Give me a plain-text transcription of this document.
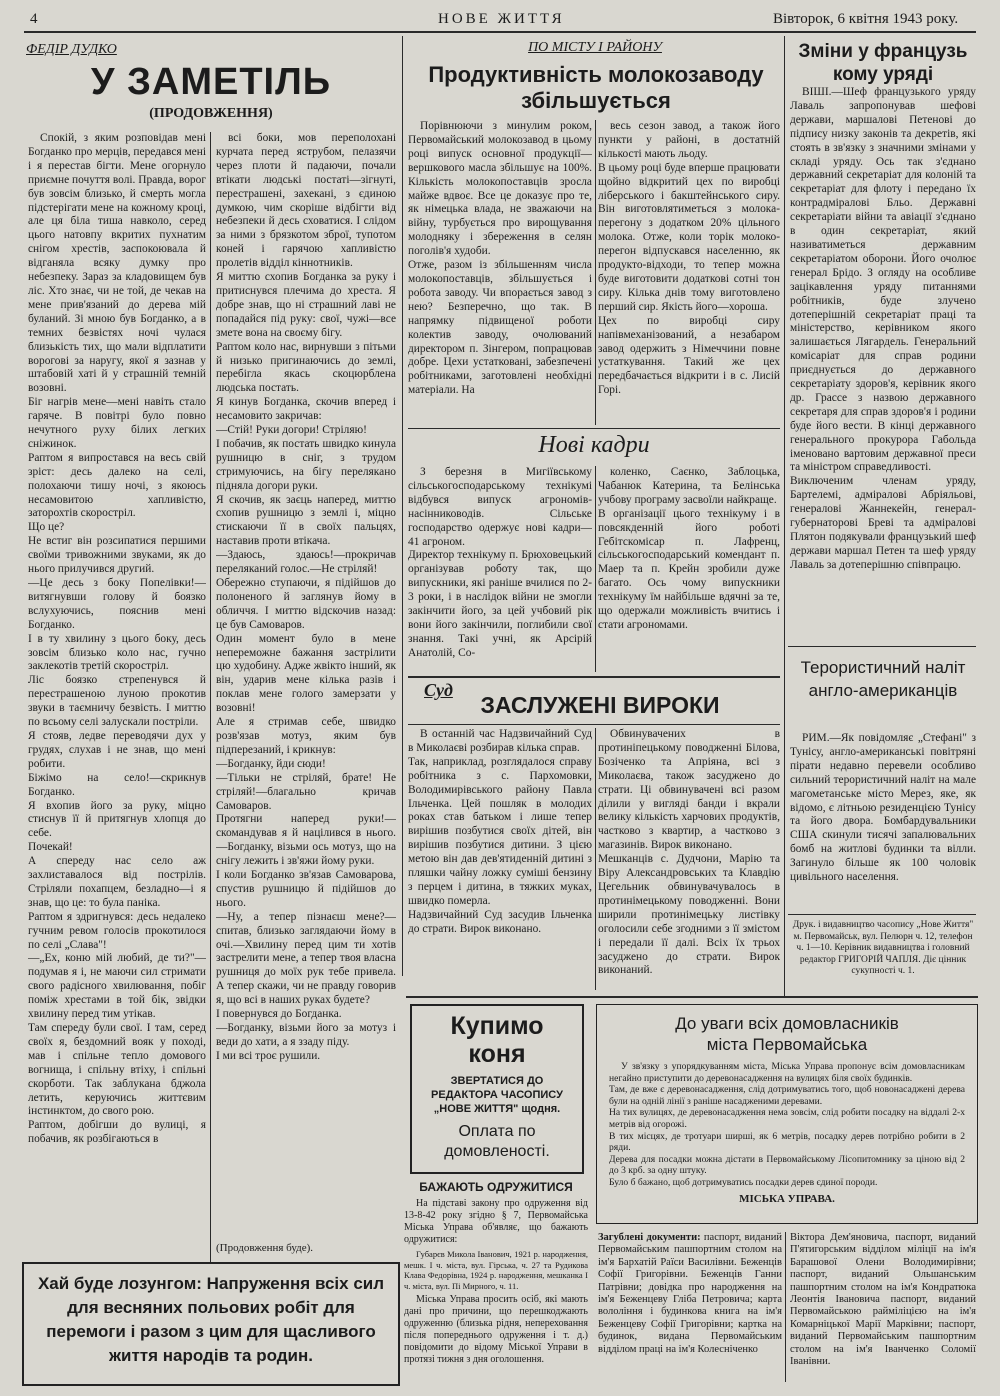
4	НОВЕ ЖИТТЯ	Вівторок, 6 квітня 1943 року.
ФЕДІР ДУДКО
У ЗАМЕТІЛЬ
(ПРОДОВЖЕННЯ)

Спокій, з яким розповідав мені Богданко про мерців, передався мені і я перестав бігти. Мене огорнуло приємне почуття волі. Правда, ворог був зовсім близько, й смерть могла підстерігати мене на кожному кроці, але ця біла тиша навколо, серед цього натовпу вкритих пухнатим снігом хрестів, заспокоювала й відганяла всяку думку про небезпеку. Зараз за кладовищем був ліс. Хто знає, чи не той, де чекав на мене прив'язаний до дерева мій буланий. Зі мною був Богданко, а в темних безвістях ночі чулася близькість тих, що мали відплатити ворогові за наругу, якої я зазнав у штабовій хаті й у страшній темній возовні.
Біг нагрів мене—мені навіть стало гаряче. В повітрі було повно нечутного руху білих легких сніжинок.
Раптом я випростався на весь свій зріст: десь далеко на селі, полохаючи тишу ночі, з якоюсь несамовитою хапливістю, заторохтів скоростріл.
Що це?
Не встиг він розсипатися першими своїми тривожними звуками, як до нього прилучився другий.
—Це десь з боку Попелівки!—витягнувши голову й боязко вслухуючись, пояснив мені Богданко.
І в ту хвилину з цього боку, десь зовсім близько коло нас, гучно заклекотів третій скоростріл.
Ліс боязко стрепенувся й перестрашеною луною прокотив звуки в таємничу безвість. І миттю по всьому селі залускали постріли.
Я стояв, ледве переводячи дух у грудях, слухав і не знав, що мені робити.
Біжімо на село!—скрикнув Богданко.
Я вхопив його за руку, міцно стиснув її й притягнув хлопця до себе.
Почекай!
А спереду нас село аж захлиставалося від пострілів. Стріляли похапцем, безладно—і я знав, що це: то була паніка.
Раптом я здригнувся: десь недалеко гучним ревом голосів прокотилося по селі „Слава"!
—„Ех, коню мій любий, де ти?"—подумав я і, не маючи сил стримати свого радісного хвилювання, побіг поміж хрестами в той бік, звідки хвилину перед тим утікав.
Там спереду були свої. І там, серед своїх я, бездомний вояк у походi, мав і спільне тепло домового вогнища, і спільну втіху, і спільні скорботи. Так заблукана бджола летить, керуючись життєвим інстинктом, до свого рою.
Раптом, добігши до вулиці, я побачив, як розбігаються в

всі боки, мов переполохані курчата перед яструбом, пелазячи через плоти й падаючи, почали втікати людськi постаті—зігнуті, перестрашені, захекані, з єдиною думкою, чим скоріше відбігти від небезпеки й десь сховатися. І слідом за ними з брязкотом зброї, тупотом коней і гарячою хапливістю пролетів відділ кіннотників.
Я миттю схопив Богданка за руку і притиснувся плечима до хреста. Я добре знав, що ні страшний лаві не попадайся під руку: свої, чужі—все змете вона на своєму бігу.
Раптом коло нас, вирнувши з пітьми й низько пригинаючись до землі, перебігла якась скоцюрблена людська постать.
Я кинув Богданка, скочив вперед і несамовито закричав:
—Стій! Руки догори! Стріляю!
І побачив, як постать швидко кинула рушницю в сніг, з трудом стримуючись, на бігу переляканo підняла догори руки.
Я скочив, як заєць напеpед, миттю схопив рушницю з землі і, міцно стискаючи її в своїх пальцях, наставив прoти втікача.
—Здаюсь, здаюсь!—прoкричав переляканий голос.—Не стріляй!
Обережно ступаючи, я підійшов до полоненого й заглянув йому в обличчя. І миттю відскочив назад: це був Самоваров.
Один момент було в мене непереможне бажання застрілити цю худобину. Адже жвікто інший, як він, удаpив мене кілька разів і поклав мене голого замерзати у возовні!
Але я стримав себе, швидко розв'язав мотуз, яким був підперезаний, і крикнув:
—Богданку, йди сюди!
—Тільки не стріляй, брате! Не стріляй!—благально кричав Самоваров.
Протягни наперед руки!—скомандував я й націлився в нього.—Богданку, візьми ось мотуз, що на снігу лежить і зв'яжи йому руки.
І коли Богданко зв'язав Самоварова, спустив рушницю й підійшов до нього.
—Ну, а тепер пізнаєш мене?—спитав, близько заглядаючи йому в очі.—Хвилину перед цим ти хотів застрелити мене, а тепер твоя власна рушниця до моїх рук тебе привела. А тепер скажи, чи не правду говорив я, що всі в наших руках будете?
І повернувся до Богданка.
—Богданку, візьми його за мотуз і веди до хати, а я ззаду піду.
І ми всі троє рушили.

(Продовження буде).
Хай буде лозунгом: Напруження всіх сил для весняних польових робіт для перемоги і разом з цим для щасливого життя народів та родин.
ПО МІСТУ І РАЙОНУ
Продуктивність молокозаводу збільшується

Порівнюючи з минулим роком, Первомайський молокозавод в цьому році випуск основної продукції—вершкового масла збільшує на 100%. Кількість молокопоставців зросла майже вдвоє. Все це доказує про те, як німецька влада, не зважаючи на війну, турбується про вирощування молодняку і збереження в селян поголів'я худоби.
Отже, разом із збільшенням числа молокопоставців, збільшується і робота заводу. Чи впорається завод з нею? Безперечно, що так. В напрямку підвищеної роботи колектив заводу, очолюваний директором п. Зінгером, попрацював добре. Цехи устатковані, забезпечені робітниками, заготовлені необхідні матеріали. На

весь сезон завод, а також його пункти у районі, в достатній кількості мають льоду.
В цьому році буде вперше працювати щойно відкритий цех по виробці ліберського і бакштейнського сиру. Він виготовлятиметься з молока-перегону з додатком 20% цільного молока. Отже, коли торік молоко-перегон відпускався населенню, як продукто-відходи, то тепер можна буде виготовити додаткові сотні тон сиру. Кілька днів тому виготовлено перший сир. Якість його—хороша.
Цех по виробці сиру напівмеханізований, а незабаром завод одержить з Німеччини повне устаткування. Такий же цех передбачається відкрити і в с. Лисій Горі.

Нові кадри

З березня в Мигіївському сільськогосподарському технікумі відбувся випуск агрономів-насінниководів. Сільське господарство одержує нові кадри—41 агроном.
Директор технікуму п. Брюховецький організував роботу так, що випускники, які раніше вчилися по 2-3 роки, і в наслідок війни не змогли закінчити його, за цей учбовий рік вони його закінчили, поглибили свої знання. Такі учні, як Арсірій Анатолій, Со-

коленко, Саєнко, Заблоцька, Чабанюк Катерина, та Белінська учбову програму засвоїли найкраще.
В організації цього технікуму і в повсякденній його роботі Гебітскомісар п. Лафренц, сільськогосподарський комендант п. Маер та п. Крейн зробили дуже багато. Ось чому випускники технікуму їм найбільше вдячні за те, що одержали можливість вчитись і стати агрономами.

Суд
ЗАСЛУЖЕНІ ВИРОКИ

В останній час Надзвичайний Суд в Миколаєві розбирав кілька справ.
Так, наприклад, розглядалося справу робітника з с. Пархомовки, Володимирівського району Павла Ільченка. Цей пошляк в молодих роках став батьком і лише тепер вирішив позбутися своїх дітей, він вирішив позбутися дитини. З цією метою він дав дев'ятиденній дитині з пляшки чайну ложку суміші бензину з перцем і дитина, в тяжких муках, швидко померла.
Надзвичайний Суд засудив Ільченка до страти. Вирок виконано.

Обвинувачених в протиніпецькому поводженні Білова, Бозіченко та Апріяна, всі з Миколаєва, також засуджено до страти. Ці обвинувачені всі разом ділили у вигляді банди і вкрали велику кількість харчових продуктів, частково з квартир, а частково з магазинів. Вирок виконано.
Мешканців с. Дудчони, Марію та Віру Александровських та Клавдію Цегельник обвинувачувалось в протинімецькому поводженні. Вони ширили протинімецьку листівку оголосили себе згодними з її змістом і передали її далі. Всіх їх трьох засуджено до страти. Вирок виконаний.

Зміни у французь кому уряді

ВІШІ.—Шеф французького уряду Лаваль запропонував шефові держави, маршалові Петенові до підпису низку законів та декретів, які стоять в зв'язку з значними змінами у складі уряду. Ось так з'єднано державний секретаріат для колоній та секретаріат для флоту і передано їх контрадміралові Бльо. Державні секретаріати війни та авіації з'єднано в один секретаріат, який називатиметься державним секретаріатом оборони. Його очолює генерал Брідо. З огляду на особливе зацікавлення уряду питаннями робітників, буде злучено дотеперішній секретаріат праці та міністерство, керівником якого залишається Лягардель. Генеральний комісаріат для справ родини приєднується до державного секретаріату здоров'я, керівник якого др. Грассе з назвою державного секретаря для справ здоров'я і родини буде його вести. В кінці державного генерального прокурора Габольда іменовано вартовим державної преси та міністром справедливості.
Виключеним членам уряду, Бартелемі, адміралові Абріяльові, генералові Жаннекейн, генерал-губернаторові Бреві та адміралові Плятон подякували французький шеф держави маршал Петен та шеф уряду Лаваль за дотеперішню співпрацю.

Терористичний наліт англо-американців

РИМ.—Як повідомляє „Стефані" з Тунісу, англо-американські повітряні пірати недавно перевели особливо сильний терористичний наліт на мале магометанське місто Мерез, яке, як відомо, є літньою резиденцією Тунісу та його двора. Бомбардувальники США скинули тисячі запалювальних бомб на житлові будинки та вілли. Загинуло більше як 100 чоловік цивільного населення.

Друк. і видавництво часопису „Нове Життя" м. Первомайськ, вул. Пелюрн ч. 12, телефон ч. 1—10. Керівник видавництва і головний редактор ГРИГОРІЙ ЧАПЛЯ. Діє цінник сукупності ч. 1.

Купимо
коня
ЗВЕРТАТИСЯ ДО РЕДАКТОРА ЧАСОПИСУ „НОВЕ ЖИТТЯ" щодня.
Оплата по домовленості.
БАЖАЮТЬ ОДРУЖИТИСЯ

На підставі закону про одруження від 13-8-42 року згідно § 7, Первомайська Міська Управа об'являє, що бажають одружитися:

Губарєв Микола Іванович, 1921 р. народження, мешк. І ч. міста, вул. Гірська, ч. 27 та Рудикова Клава Федорівна, 1924 р. народження, мешканка І ч. міста, вул. Пі Мирного, ч. 11.

Міська Управа просить осіб, які мають дані про причини, що перешкоджають одруженню (близька рідня, непереховання після попереднього одруження і т. д.) повідомити до відому Міської Управи в протязі тижня з дня оголошення.

До уваги всіх домовласників
міста Первомайська

У зв'язку з упорядкуванням міста, Міська Управа пропонує всім домовласникам негайно приступити до деревонасадження на вулицях біля своїх будинків.
Там, де вже є деревонасадження, слід дотримуватись того, щоб новонасаджені дерева були на одній лінії з раніше насадженими деревами.
На тих вулицях, де деревонасадження нема зовсім, слід робити посадку на віддалі 2-х метрів від огорожі.
В тих місцях, де тротуари ширші, як 6 метрів, посадку дерев потрібно робити в 2 ряди.
Дерева для посадки можна дістати в Первомайському Лісопитомнику за ціною від 2 до 3 крб. за одну штуку.
Було б бажано, щоб дотримуватись посадки дерев єдиної породи.

МІСЬКА УПРАВА.

Загублені документи: паспорт, виданий Первомайським пашпортним столом на ім'я Бархатій Раїси Василівни. Беженців Софії Григорівни. Беженців Ганни Патрівни; довідка про народження на ім'я Беженцеву Гліба Петровича; карта волоління і будинкова книга на ім'я Беженцеву Софії Григорівни; картка на будинок, видана Первомайським відділом праці на ім'я Колесніченко

Віктора Дем'яновича, паспорт, виданий П'ятигорським відділом міліції на ім'я Барашової Олени Володимирівни; паспорт, виданий Ольшанським пашпортним столом на ім'я Кондратюка Леонтія Івановича паспорт, виданий Первомайською райміліцією на ім'я Комарніцької Марії Марківни; паспорт, виданий Первомайським пашпортним столом на ім'я Іванченко Соломії Іванівни.
